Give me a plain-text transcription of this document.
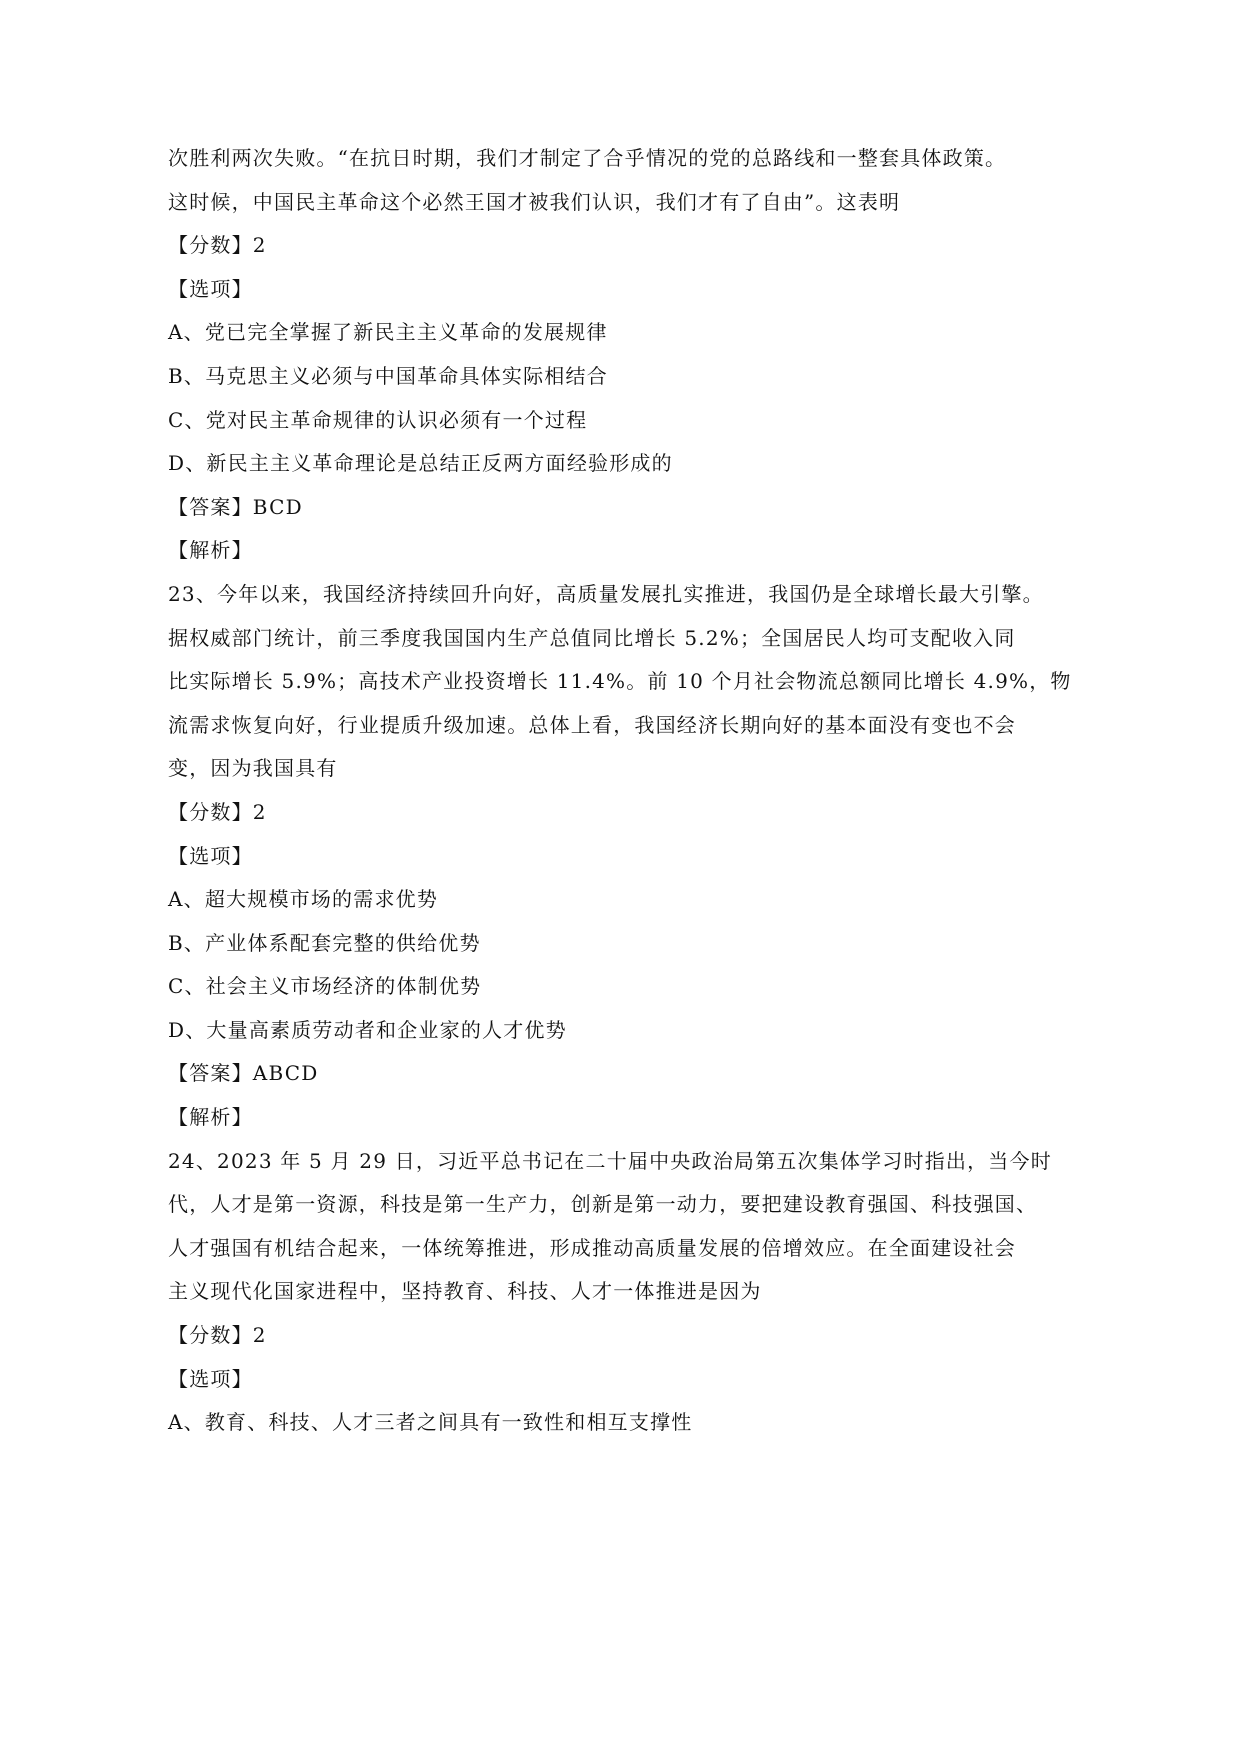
次胜利两次失败。“在抗日时期，我们才制定了合乎情况的党的总路线和一整套具体政策。
这时候，中国民主革命这个必然王国才被我们认识，我们才有了自由”。这表明
【分数】2
【选项】
A、党已完全掌握了新民主主义革命的发展规律
B、马克思主义必须与中国革命具体实际相结合
C、党对民主革命规律的认识必须有一个过程
D、新民主主义革命理论是总结正反两方面经验形成的
【答案】BCD
【解析】
23、今年以来，我国经济持续回升向好，高质量发展扎实推进，我国仍是全球增长最大引擎。
据权威部门统计，前三季度我国国内生产总值同比增长 5.2%；全国居民人均可支配收入同
比实际增长 5.9%；高技术产业投资增长 11.4%。前 10 个月社会物流总额同比增长 4.9%，物
流需求恢复向好，行业提质升级加速。总体上看，我国经济长期向好的基本面没有变也不会
变，因为我国具有
【分数】2
【选项】
A、超大规模市场的需求优势
B、产业体系配套完整的供给优势
C、社会主义市场经济的体制优势
D、大量高素质劳动者和企业家的人才优势
【答案】ABCD
【解析】
24、2023 年 5 月 29 日，习近平总书记在二十届中央政治局第五次集体学习时指出，当今时
代，人才是第一资源，科技是第一生产力，创新是第一动力，要把建设教育强国、科技强国、
人才强国有机结合起来，一体统筹推进，形成推动高质量发展的倍增效应。在全面建设社会
主义现代化国家进程中，坚持教育、科技、人才一体推进是因为
【分数】2
【选项】
A、教育、科技、人才三者之间具有一致性和相互支撑性
